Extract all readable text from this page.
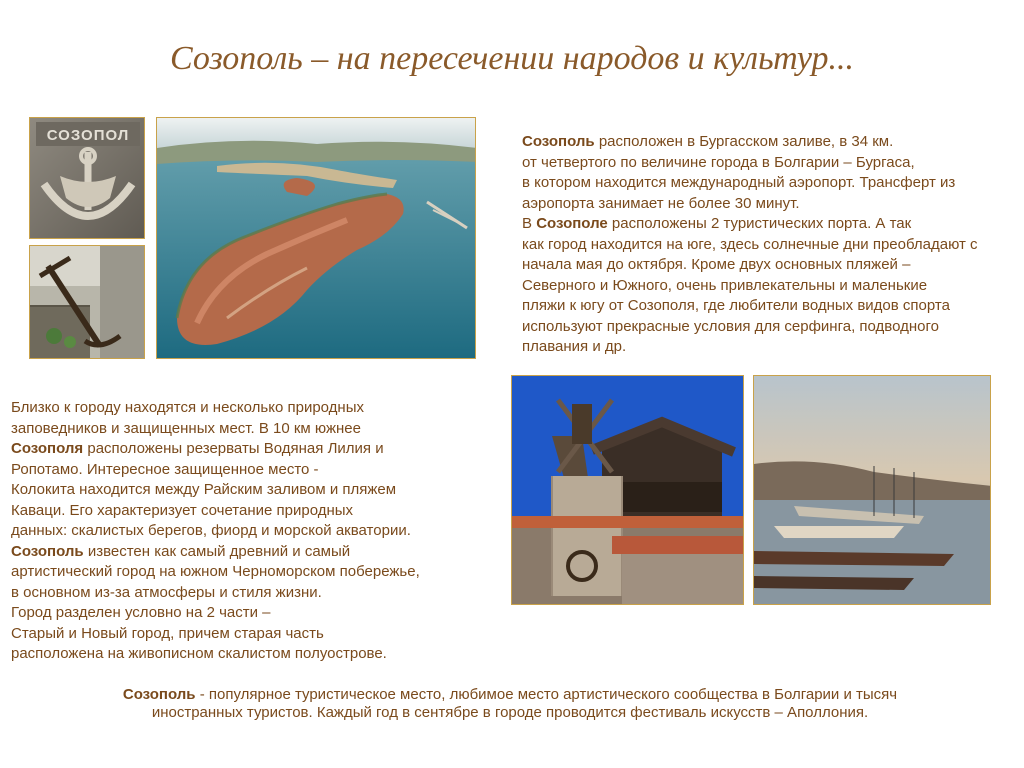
Созополь – на пересечении народов и культур...
СОЗОПОЛ	Созополь расположен в Бургасском заливе, в 34 км.
от четвертого по величине города в Болгарии – Бургаса,
в котором находится международный аэропорт. Трансферт из
аэропорта занимает не более 30 минут.
В Созополе расположены 2 туристических порта. А так
как город находится на юге, здесь солнечные дни преобладают с
начала мая до октября. Кроме двух основных пляжей –
Северного и Южного, очень привлекательны и маленькие
пляжи к югу от Созополя, где любители водных видов спорта
используют прекрасные условия для серфинга, подводного
плавания и др.
Близко к городу находятся и несколько природных
заповедников и защищенных мест. В 10 км южнее
Созополя расположены резерваты Водяная Лилия и
Ропотамо. Интересное защищенное место -
Колокита находится между Райским заливом и пляжем
Каваци. Его характеризует сочетание природных
данных: скалистых берегов, фиорд и морской акватории.
Созополь известен как самый древний и самый
артистический город на южном Черноморском побережье,
в основном из-за атмосферы и стиля жизни.
Город разделен условно на 2 части –
Старый и Новый город, причем старая часть
расположена на живописном скалистом полуострове.
Созополь - популярное туристическое место, любимое место артистического сообщества в Болгарии и тысяч
иностранных туристов. Каждый год в сентябре в городе проводится фестиваль искусств – Аполлония.
